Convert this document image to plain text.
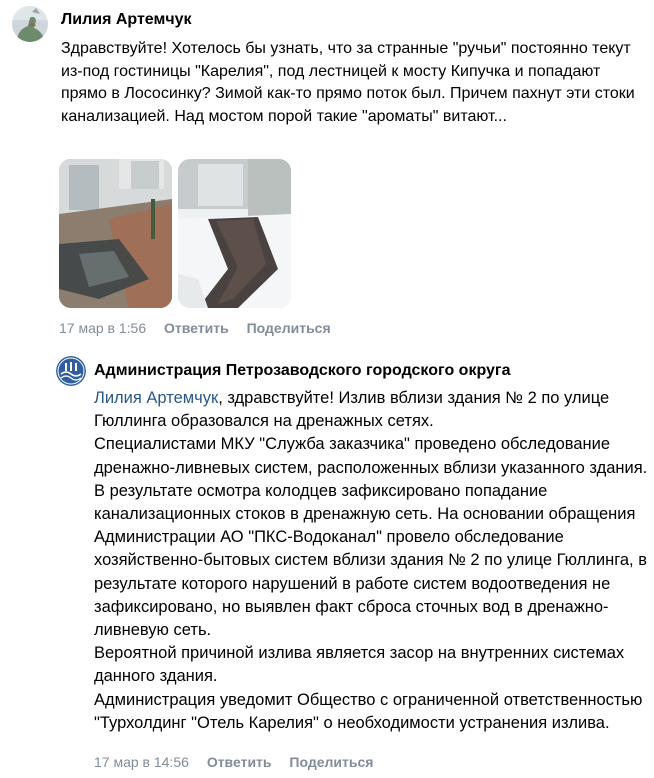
Лилия Артемчук
Здравствуйте! Хотелось бы узнать, что за странные "ручьи" постоянно текут из-под гостиницы "Карелия", под лестницей к мосту Кипучка и попадают прямо в Лососинку? Зимой как-то прямо поток был. Причем пахнут эти стоки канализацией. Над мостом порой такие "ароматы" витают...
17 мар в 1:56 Ответить Поделиться
Администрация Петрозаводского городского округа

Лилия Артемчук, здравствуйте! Излив вблизи здания № 2 по улице Гюллинга образовался на дренажных сетях.

Специалистами МКУ "Служба заказчика" проведено обследование дренажно-ливневых систем, расположенных вблизи указанного здания. В результате осмотра колодцев зафиксировано попадание канализационных стоков в дренажную сеть. На основании обращения Администрации АО "ПКС-Водоканал" провело обследование хозяйственно-бытовых систем вблизи здания № 2 по улице Гюллинга, в результате которого нарушений в работе систем водоотведения не зафиксировано, но выявлен факт сброса сточных вод в дренажно-ливневую сеть.

Вероятной причиной излива является засор на внутренних системах данного здания.

Администрация уведомит Общество с ограниченной ответственностью "Турхолдинг "Отель Карелия" о необходимости устранения излива.

17 мар в 14:56 Ответить Поделиться
